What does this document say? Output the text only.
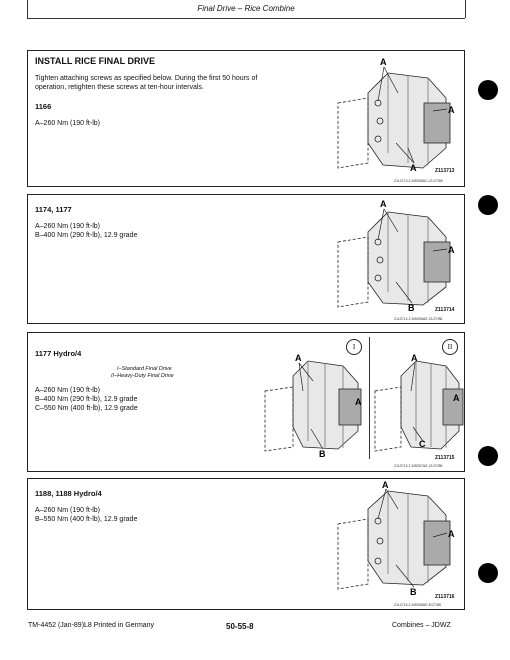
Final Drive – Rice Combine
INSTALL RICE FINAL DRIVE
Tighten attaching screws as specified below. During the first 50 hours of operation, retighten these screws at ten-hour intervals.
1166
A–260 Nm (190 ft-lb)
A
A
A	Z113713
Z113713 Z-MS055AC-21/27/88
1174, 1177
A–260 Nm (190 ft-lb)
B–400 Nm (290 ft-lb), 12.9 grade
A
A
B	Z113714
Z113714 Z-MS056AE-21/27/88
1177 Hydro/4
I–Standard Final Drive
II–Heavy-Duty Final Drive
A–260 Nm (190 ft-lb)
B–400 Nm (290 ft-lb), 12.9 grade
C–550 Nm (400 ft-lb), 12.9 grade
I	II
A
A
B
A
A
C
Z113715
Z113715 Z-MS057AE-21/27/88
1188, 1188 Hydro/4
A–260 Nm (190 ft-lb)
B–550 Nm (400 ft-lb), 12.9 grade
A
A
B	Z113716
Z113716 Z-MS058AE-E/27/88
TM-4452 (Jan-89)L8 Printed in Germany	50-55-8	Combines – JDWZ
